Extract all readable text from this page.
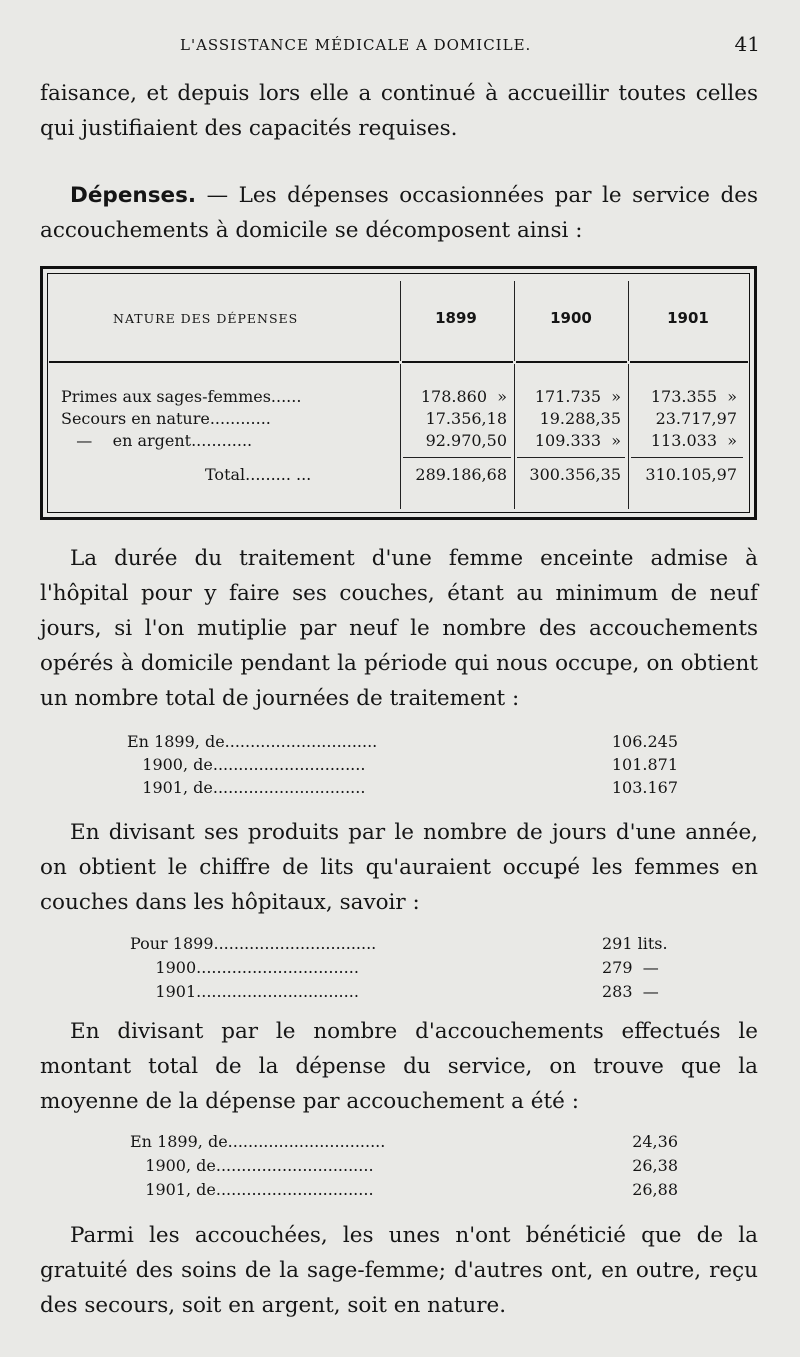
L'ASSISTANCE MÉDICALE A DOMICILE.	41

faisance, et depuis lors elle a continué à accueillir toutes celles qui justifiaient des capacités requises.

Dépenses. — Les dépenses occasionnées par le service des accouchements à domicile se décomposent ainsi :

NATURE DES DÉPENSES	1899	1900	1901
Primes aux sages-femmes......	178.860  »	171.735  »	173.355  »
Secours en nature............	17.356,18	19.288,35	23.717,97
—    en argent............	92.970,50	109.333  »	113.033  »
Total......... ...	289.186,68	300.356,35	310.105,97

La durée du traitement d'une femme enceinte admise à l'hôpital pour y faire ses couches, étant au minimum de neuf jours, si l'on mutiplie par neuf le nombre des accouchements opérés à domicile pendant la période qui nous occupe, on obtient un nombre total de journées de traitement :

En 1899, de..............................	106.245
1900, de..............................	101.871
1901, de..............................	103.167

En divisant ses produits par le nombre de jours d'une année, on obtient le chiffre de lits qu'auraient occupé les femmes en couches dans les hôpitaux, savoir :

Pour 1899................................	291 lits.
1900................................	279  —
1901................................	283  —

En divisant par le nombre d'accouchements effectués le montant total de la dépense du service, on trouve que la moyenne de la dépense par accouchement a été :

En 1899, de...............................	24,36
1900, de...............................	26,38
1901, de...............................	26,88

Parmi les accouchées, les unes n'ont bénéticié que de la gratuité des soins de la sage-femme; d'autres ont, en outre, reçu des secours, soit en argent, soit en nature.
